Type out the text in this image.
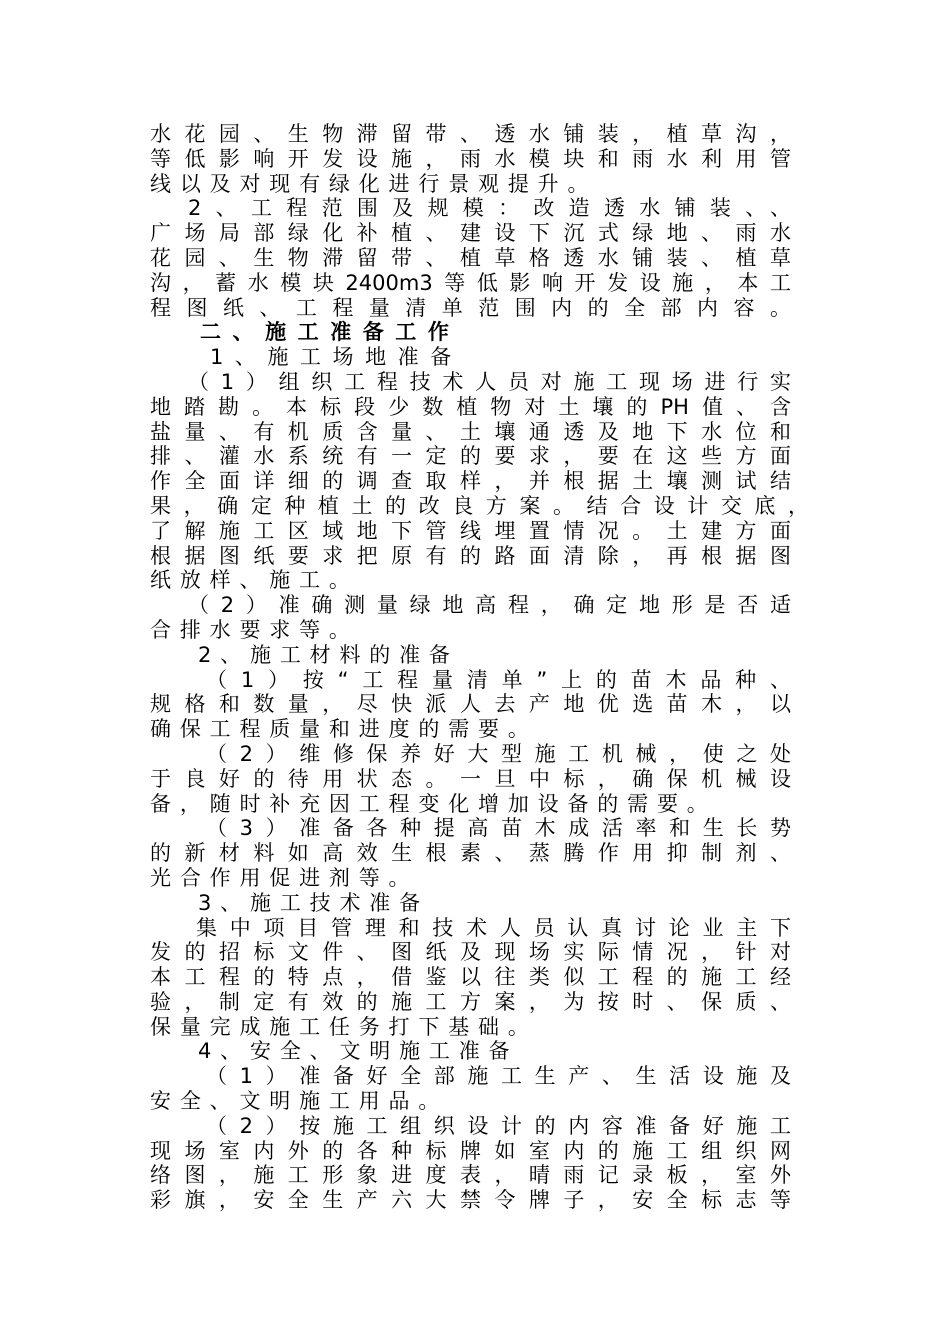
水花园、生物滞留带、透水铺装，植草沟，
等低影响开发设施，雨水模块和雨水利用管
线以及对现有绿化进行景观提升。
2、工程范围及规模：改造透水铺装、、
广场局部绿化补植、建设下沉式绿地、雨水
花园、生物滞留带、植草格透水铺装、植草
沟，蓄水模块2400m3等低影响开发设施，本工
程图纸、工程量清单范围内的全部内容。
二、施工准备工作
1、施工场地准备
（1）组织工程技术人员对施工现场进行实
地踏勘。本标段少数植物对土壤的PH值、含
盐量、有机质含量、土壤通透及地下水位和
排、灌水系统有一定的要求，要在这些方面
作全面详细的调查取样，并根据土壤测试结
果，确定种植土的改良方案。结合设计交底，
了解施工区域地下管线埋置情况。土建方面
根据图纸要求把原有的路面清除，再根据图
纸放样、施工。
（2）准确测量绿地高程，确定地形是否适
合排水要求等。
2、施工材料的准备
（1）按“工程量清单”上的苗木品种、
规格和数量，尽快派人去产地优选苗木，以
确保工程质量和进度的需要。
（2）维修保养好大型施工机械，使之处
于良好的待用状态。一旦中标，确保机械设
备，随时补充因工程变化增加设备的需要。
（3）准备各种提高苗木成活率和生长势
的新材料如高效生根素、蒸腾作用抑制剂、
光合作用促进剂等。
3、施工技术准备
集中项目管理和技术人员认真讨论业主下
发的招标文件、图纸及现场实际情况，针对
本工程的特点，借鉴以往类似工程的施工经
验，制定有效的施工方案，为按时、保质、
保量完成施工任务打下基础。
4、安全、文明施工准备
（1）准备好全部施工生产、生活设施及
安全、文明施工用品。
（2）按施工组织设计的内容准备好施工
现场室内外的各种标牌如室内的施工组织网
络图，施工形象进度表，晴雨记录板，室外
彩旗，安全生产六大禁令牌子，安全标志等
